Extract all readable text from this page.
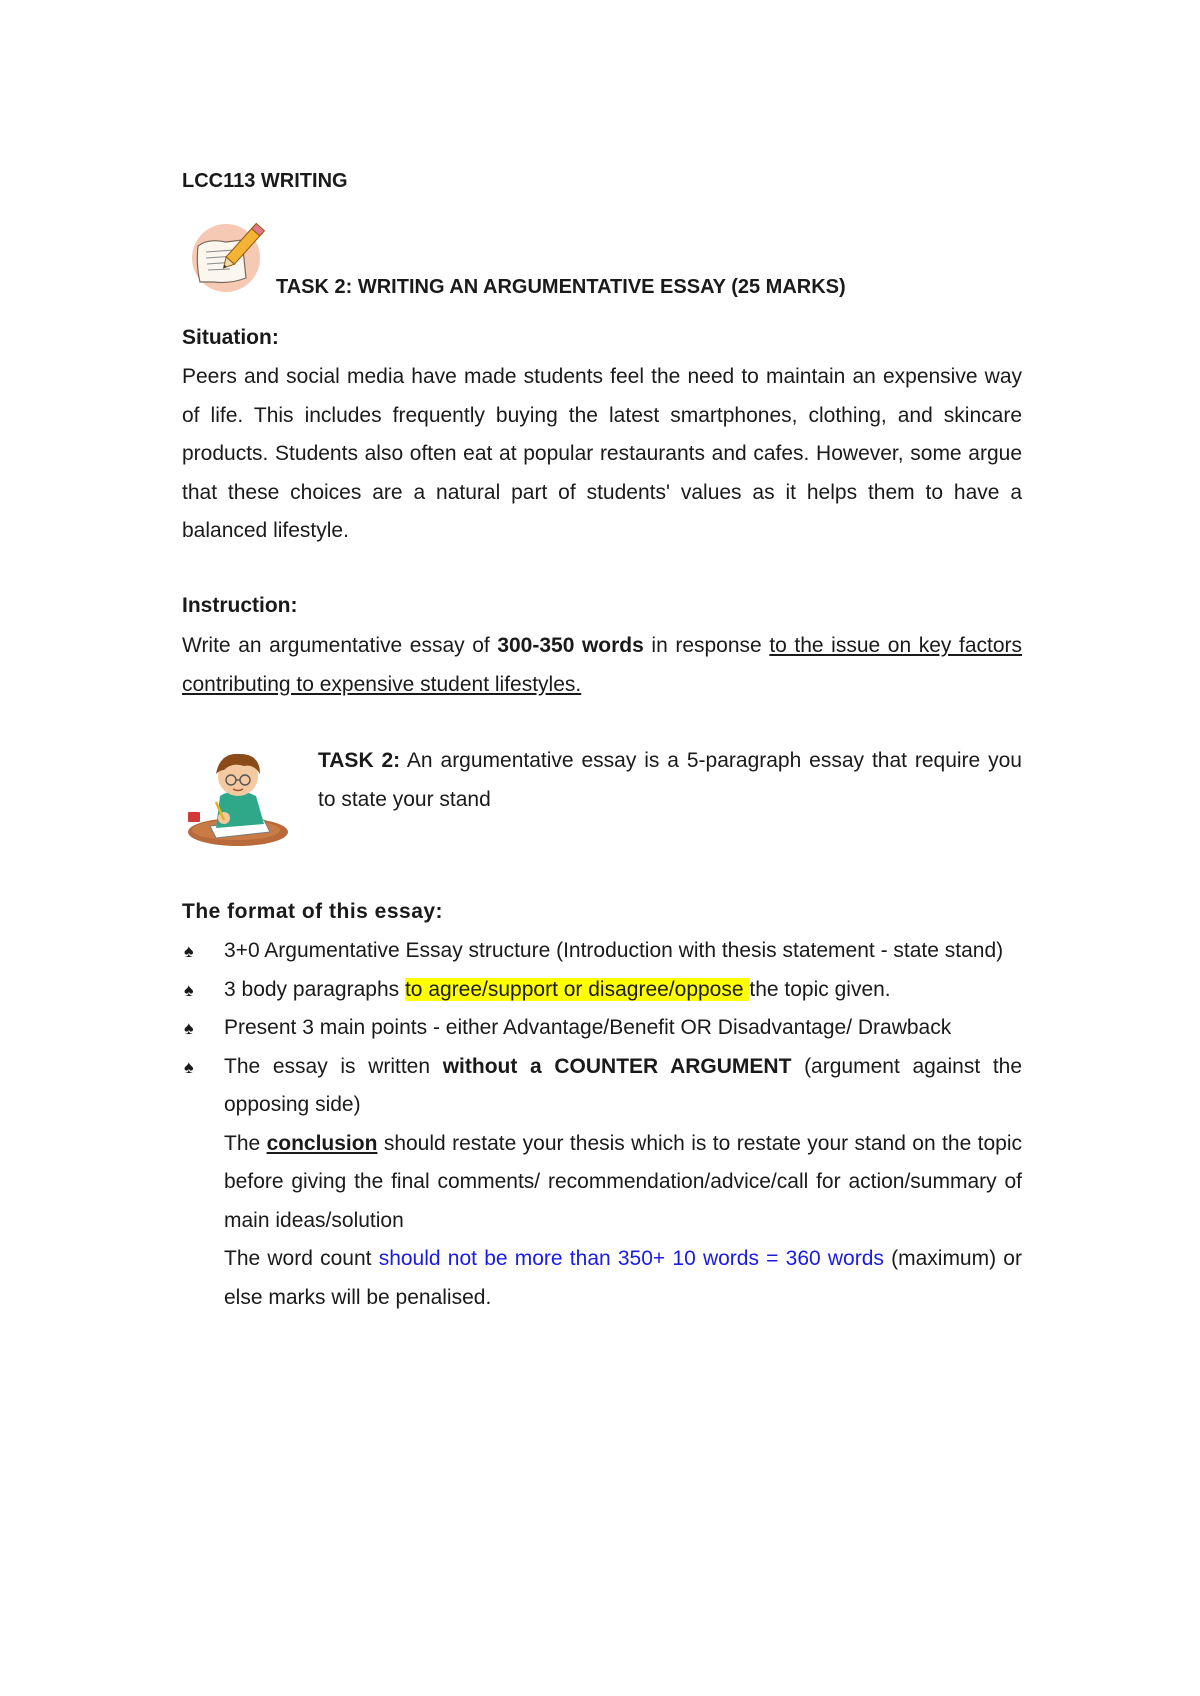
LCC113 WRITING
TASK 2: WRITING AN ARGUMENTATIVE ESSAY (25 MARKS)
Situation:
Peers and social media have made students feel the need to maintain an expensive way of life. This includes frequently buying the latest smartphones, clothing, and skincare products. Students also often eat at popular restaurants and cafes. However, some argue that these choices are a natural part of students' values as it helps them to have a balanced lifestyle.
Instruction:
Write an argumentative essay of 300-350 words in response to the issue on key factors contributing to expensive student lifestyles.
TASK 2: An argumentative essay is a 5-paragraph essay that require you to state your stand
The format of this essay:
♠	3+0 Argumentative Essay structure (Introduction with thesis statement - state stand)
♠	3 body paragraphs to agree/support or disagree/oppose the topic given.
♠	Present 3 main points - either Advantage/Benefit OR Disadvantage/ Drawback
♠	The essay is written without a COUNTER ARGUMENT (argument against the opposing side)
The conclusion should restate your thesis which is to restate your stand on the topic before giving the final comments/ recommendation/advice/call for action/summary of main ideas/solution
The word count should not be more than 350+ 10 words = 360 words (maximum) or else marks will be penalised.
